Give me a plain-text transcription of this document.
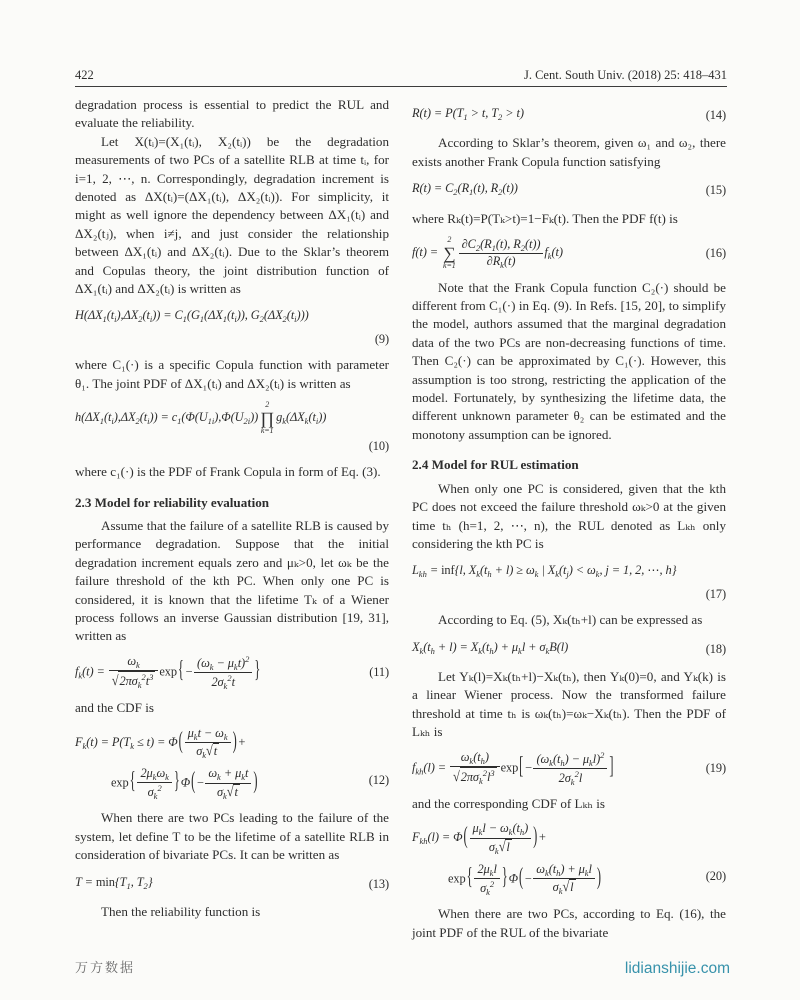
422	J. Cent. South Univ. (2018) 25: 418–431
degradation process is essential to predict the RUL and evaluate the reliability.
Let X(tᵢ)=(X₁(tᵢ), X₂(tᵢ)) be the degradation measurements of two PCs of a satellite RLB at time tᵢ, for i=1, 2, ⋯, n. Correspondingly, degradation increment is denoted as ΔX(tᵢ)=(ΔX₁(tᵢ), ΔX₂(tᵢ)). For simplicity, it might as well ignore the dependency between ΔX₁(tᵢ) and ΔX₂(tⱼ), when i≠j, and just consider the relationship between ΔX₁(tᵢ) and ΔX₂(tᵢ). Due to the Sklar’s theorem and Copulas theory, the joint distribution function of ΔX₁(tᵢ) and ΔX₂(tᵢ) is written as
$H(\Delta X_1(t_i),\Delta X_2(t_i)) = C_1(G_1(\Delta X_1(t_i))$, $G_2(\Delta X_2(t_i))$)
(9)
where C₁(·) is a specific Copula function with parameter θ₁. The joint PDF of ΔX₁(tᵢ) and ΔX₂(tᵢ) is written as
$h(\Delta X_1(t_i),\Delta X_2(t_i)) = c_1(\Phi(U_{1i}),\Phi(U_{2i}))$
2
∏
k=1
$g_k(\Delta X_k(t_i))$
(10)
where c₁(·) is the PDF of Frank Copula in form of Eq. (3).
2.3 Model for reliability evaluation
Assume that the failure of a satellite RLB is caused by performance degradation. Suppose that the initial degradation increment equals zero and μₖ>0, let ωₖ be the failure threshold of the kth PC. When only one PC is considered, it is known that the lifetime Tₖ of a Wiener process follows an inverse Gaussian distribution [19, 31], written as
$f_k(t) = \frac{\omega_k}{√2\pi\sigma_k^2t^3} \exp\{- \frac{(\omega_k - \mu_kt)^2}{2\sigma_k^2t}$ }	(11)
and the CDF is
$F_k(t) = P(T_k \le t) = \Phi( \frac{\mu_kt - \omega_k}{\sigma_k√t}$ )+
$\exp\{ \frac{2\mu_k\omega_k}{\sigma_k^2} \}\Phi(- \frac{\omega_k + \mu_kt}{\sigma_k√t}$ )	(12)
When there are two PCs leading to the failure of the system, let define T to be the lifetime of a satellite RLB in consideration of bivariate PCs. It can be written as
$T = \min\{T_1$, $T_2$}	(13)
Then the reliability function is
$R(t) = P(T_1 > t$, $T_2 > t$)	(14)
According to Sklar’s theorem, given ω₁ and ω₂, there exists another Frank Copula function satisfying
$R(t) = C_2(R_1(t)$, $R_2(t)$)	(15)
where Rₖ(t)=P(Tₖ>t)=1−Fₖ(t). Then the PDF f(t) is
f(t) =
2
∑
$k=1 \frac{\partial C_2(R_1(t), R_2(t))}{\partial R_k(t)} f_k(t)$	(16)
Note that the Frank Copula function C₂(·) should be different from C₁(·) in Eq. (9). In Refs. [15, 20], to simplify the model, authors assumed that the marginal degradation data of the two PCs are non-decreasing functions of time. Then C₂(·) can be approximated by C₁(·). However, this assumption is too strong, restricting the application of the model. Fortunately, by synthesizing the lifetime data, the different unknown parameter θ₂ can be estimated and the monotony assumption can be ignored.
2.4 Model for RUL estimation
When only one PC is considered, given that the kth PC does not exceed the failure threshold ωₖ>0 at the given time tₕ (h=1, 2, ⋯, n), the RUL denoted as Lₖₕ only considering the kth PC is
$L_{kh} = inf\{l$, $X_k(t_h + l) \ge \omega_k$ | $X_k(t_j) < \omega_k$, j = 1, 2, ⋯, h}
(17)
According to Eq. (5), Xₖ(tₕ+l) can be expressed as
$X_k(t_h + l) = X_k(t_h) + \mu_kl + \sigma_kB(l)$	(18)
Let Yₖ(l)=Xₖ(tₕ+l)−Xₖ(tₕ), then Yₖ(0)=0, and Yₖ(k) is a linear Wiener process. Now the transformed failure threshold at time tₕ is ωₖ(tₕ)=ωₖ−Xₖ(tₕ). Then the PDF of Lₖₕ is
$f_{kh}(l) = \frac{\omega_k(t_h)}{√2\pi\sigma_k^2l^3} \exp[- \frac{(\omega_k(t_h) - \mu_kl)^2}{2\sigma_k^2l}$ ]	(19)
and the corresponding CDF of Lₖₕ is
$F_{kh}(l) = \Phi( \frac{\mu_kl - \omega_k(t_h)}{\sigma_k√l}$ )+
$\exp\{ \frac{2\mu_kl}{\sigma_k^2} \}\Phi(- \frac{\omega_k(t_h) + \mu_kl}{\sigma_k√l}$ )	(20)
When there are two PCs, according to Eq. (16), the joint PDF of the RUL of the bivariate
万方数据	lidianshijie.com
